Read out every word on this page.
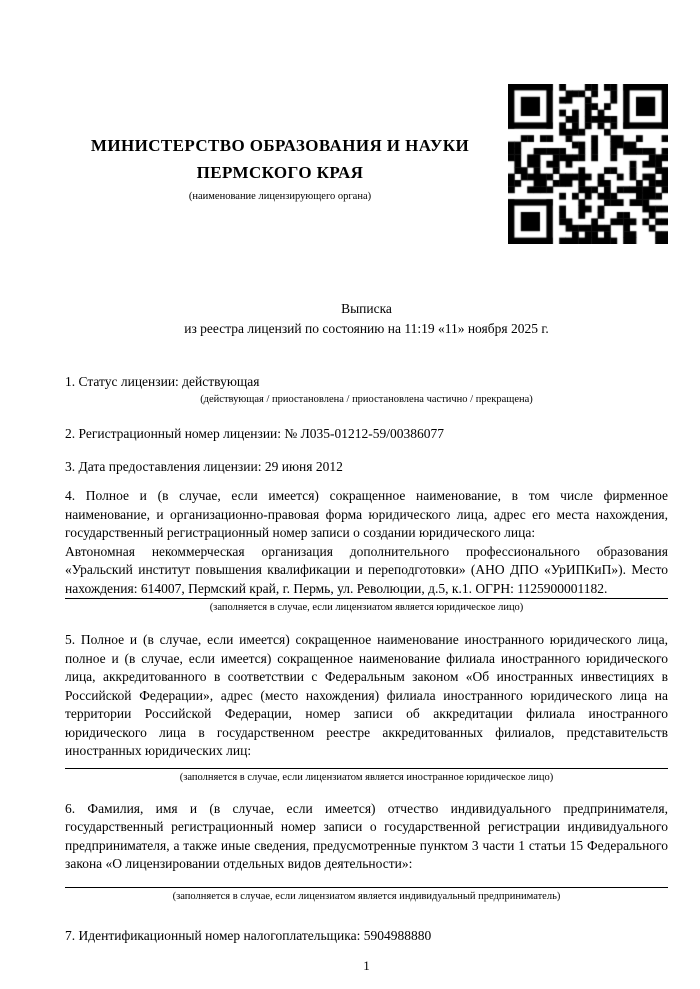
МИНИСТЕРСТВО ОБРАЗОВАНИЯ И НАУКИ
ПЕРМСКОГО КРАЯ
(наименование лицензирующего органа)
Выписка
из реестра лицензий по состоянию на 11:19 «11» ноября 2025 г.
1. Статус лицензии: действующая
(действующая / приостановлена / приостановлена частично / прекращена)
2. Регистрационный номер лицензии: № Л035-01212-59/00386077
3. Дата предоставления лицензии: 29 июня 2012

4. Полное и (в случае, если имеется) сокращенное наименование, в том числе фирменное наименование, и организационно-правовая форма юридического лица, адрес его места нахождения, государственный регистрационный номер записи о создании юридического лица:

Автономная некоммерческая организация дополнительного профессионального образования «Уральский институт повышения квалификации и переподготовки» (АНО ДПО «УрИПКиП»). Место нахождения: 614007, Пермский край, г. Пермь, ул. Революции, д.5, к.1. ОГРН: 1125900001182.

(заполняется в случае, если лицензиатом является юридическое лицо)

5. Полное и (в случае, если имеется) сокращенное наименование иностранного юридического лица, полное и (в случае, если имеется) сокращенное наименование филиала иностранного юридического лица, аккредитованного в соответствии с Федеральным законом «Об иностранных инвестициях в Российской Федерации», адрес (место нахождения) филиала иностранного юридического лица на территории Российской Федерации, номер записи об аккредитации филиала иностранного юридического лица в государственном реестре аккредитованных филиалов, представительств иностранных юридических лиц:

(заполняется в случае, если лицензиатом является иностранное юридическое лицо)

6. Фамилия, имя и (в случае, если имеется) отчество индивидуального предпринимателя, государственный регистрационный номер записи о государственной регистрации индивидуального предпринимателя, а также иные сведения, предусмотренные пунктом 3 части 1 статьи 15 Федерального закона «О лицензировании отдельных видов деятельности»:

(заполняется в случае, если лицензиатом является индивидуальный предприниматель)
7. Идентификационный номер налогоплательщика: 5904988880
1
